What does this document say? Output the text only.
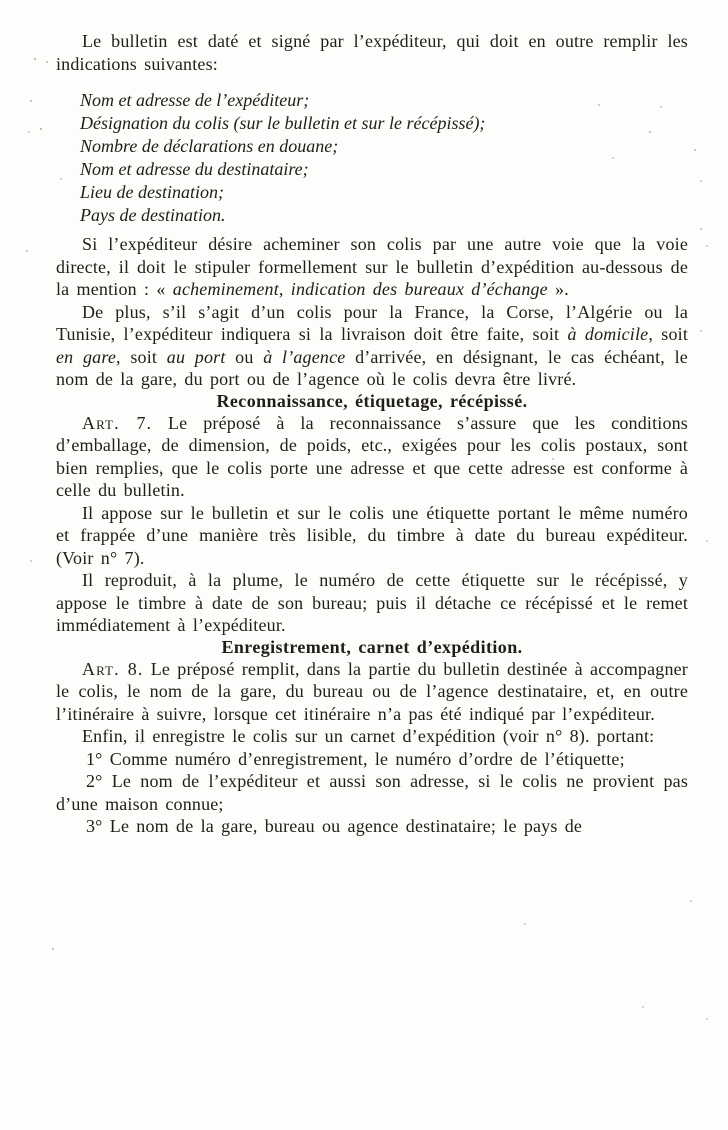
Le bulletin est daté et signé par l’expéditeur, qui doit en outre remplir les indications suivantes:

Nom et adresse de l’expéditeur;
Désignation du colis (sur le bulletin et sur le récépissé);
Nombre de déclarations en douane;
Nom et adresse du destinataire;
Lieu de destination;
Pays de destination.

Si l’expéditeur désire acheminer son colis par une autre voie que la voie directe, il doit le stipuler formellement sur le bulletin d’expédition au-dessous de la mention : « acheminement, indication des bureaux d’échange ».

De plus, s’il s’agit d’un colis pour la France, la Corse, l’Algérie ou la Tunisie, l’expéditeur indiquera si la livraison doit être faite, soit à domicile, soit en gare, soit au port ou à l’agence d’arrivée, en désignant, le cas échéant, le nom de la gare, du port ou de l’agence où le colis devra être livré.

Reconnaissance, étiquetage, récépissé.

Art. 7. Le préposé à la reconnaissance s’assure que les conditions d’emballage, de dimension, de poids, etc., exigées pour les colis postaux, sont bien remplies, que le colis porte une adresse et que cette adresse est conforme à celle du bulletin.

Il appose sur le bulletin et sur le colis une étiquette portant le même numéro et frappée d’une manière très lisible, du timbre à date du bureau expéditeur. (Voir n° 7).

Il reproduit, à la plume, le numéro de cette étiquette sur le récépissé, y appose le timbre à date de son bureau; puis il détache ce récépissé et le remet immédiatement à l’expéditeur.

Enregistrement, carnet d’expédition.

Art. 8. Le préposé remplit, dans la partie du bulletin destinée à accompagner le colis, le nom de la gare, du bureau ou de l’agence destinataire, et, en outre l’itinéraire à suivre, lorsque cet itinéraire n’a pas été indiqué par l’expéditeur.

Enfin, il enregistre le colis sur un carnet d’expédition (voir n° 8). portant:

1° Comme numéro d’enregistrement, le numéro d’ordre de l’étiquette;

2° Le nom de l’expéditeur et aussi son adresse, si le colis ne provient pas d’une maison connue;

3° Le nom de la gare, bureau ou agence destinataire; le pays de
